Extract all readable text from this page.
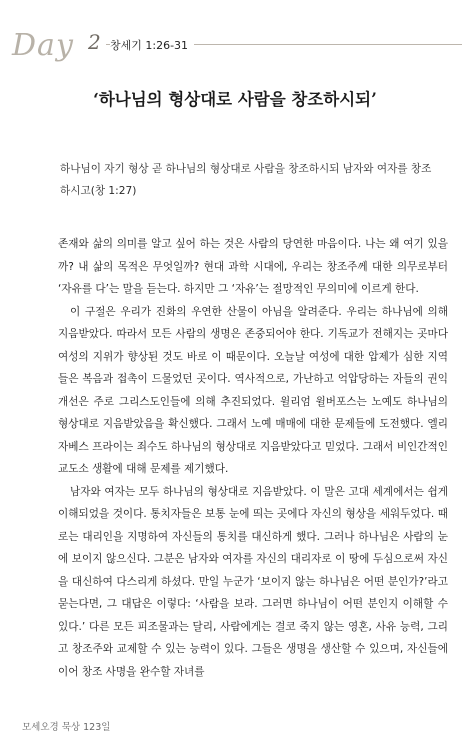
Day 2 창세기 1:26-31
‘하나님의 형상대로 사람을 창조하시되’
하나님이 자기 형상 곧 하나님의 형상대로 사람을 창조하시되 남자와 여자를 창조하시고(창 1:27)

존재와 삶의 의미를 알고 싶어 하는 것은 사람의 당연한 마음이다. 나는 왜 여기 있을까? 내 삶의 목적은 무엇일까? 현대 과학 시대에, 우리는 창조주께 대한 의무로부터 ‘자유를 다’는 말을 듣는다. 하지만 그 ‘자유’는 절망적인 무의미에 이르게 한다.

이 구절은 우리가 진화의 우연한 산물이 아님을 알려준다. 우리는 하나님에 의해 지음받았다. 따라서 모든 사람의 생명은 존중되어야 한다. 기독교가 전해지는 곳마다 여성의 지위가 향상된 것도 바로 이 때문이다. 오늘날 여성에 대한 압제가 심한 지역들은 복음과 접촉이 드물었던 곳이다. 역사적으로, 가난하고 억압당하는 자들의 권익 개선은 주로 그리스도인들에 의해 추진되었다. 윌리엄 윌버포스는 노예도 하나님의 형상대로 지음받았음을 확신했다. 그래서 노예 매매에 대한 문제들에 도전했다. 엘리자베스 프라이는 죄수도 하나님의 형상대로 지음받았다고 믿었다. 그래서 비인간적인 교도소 생활에 대해 문제를 제기했다.

남자와 여자는 모두 하나님의 형상대로 지음받았다. 이 말은 고대 세계에서는 쉽게 이해되었을 것이다. 통치자들은 보통 눈에 띄는 곳에다 자신의 형상을 세워두었다. 때로는 대리인을 지명하여 자신들의 통치를 대신하게 했다. 그러나 하나님은 사람의 눈에 보이지 않으신다. 그분은 남자와 여자를 자신의 대리자로 이 땅에 두심으로써 자신을 대신하여 다스리게 하셨다. 만일 누군가 ‘보이지 않는 하나님은 어떤 분인가?’라고 묻는다면, 그 대답은 이렇다: ‘사람을 보라. 그러면 하나님이 어떤 분인지 이해할 수 있다.’ 다른 모든 피조물과는 달리, 사람에게는 결코 죽지 않는 영혼, 사유 능력, 그리고 창조주와 교제할 수 있는 능력이 있다. 그들은 생명을 생산할 수 있으며, 자신들에 이어 창조 사명을 완수할 자녀를

모세오경 묵상 123일
